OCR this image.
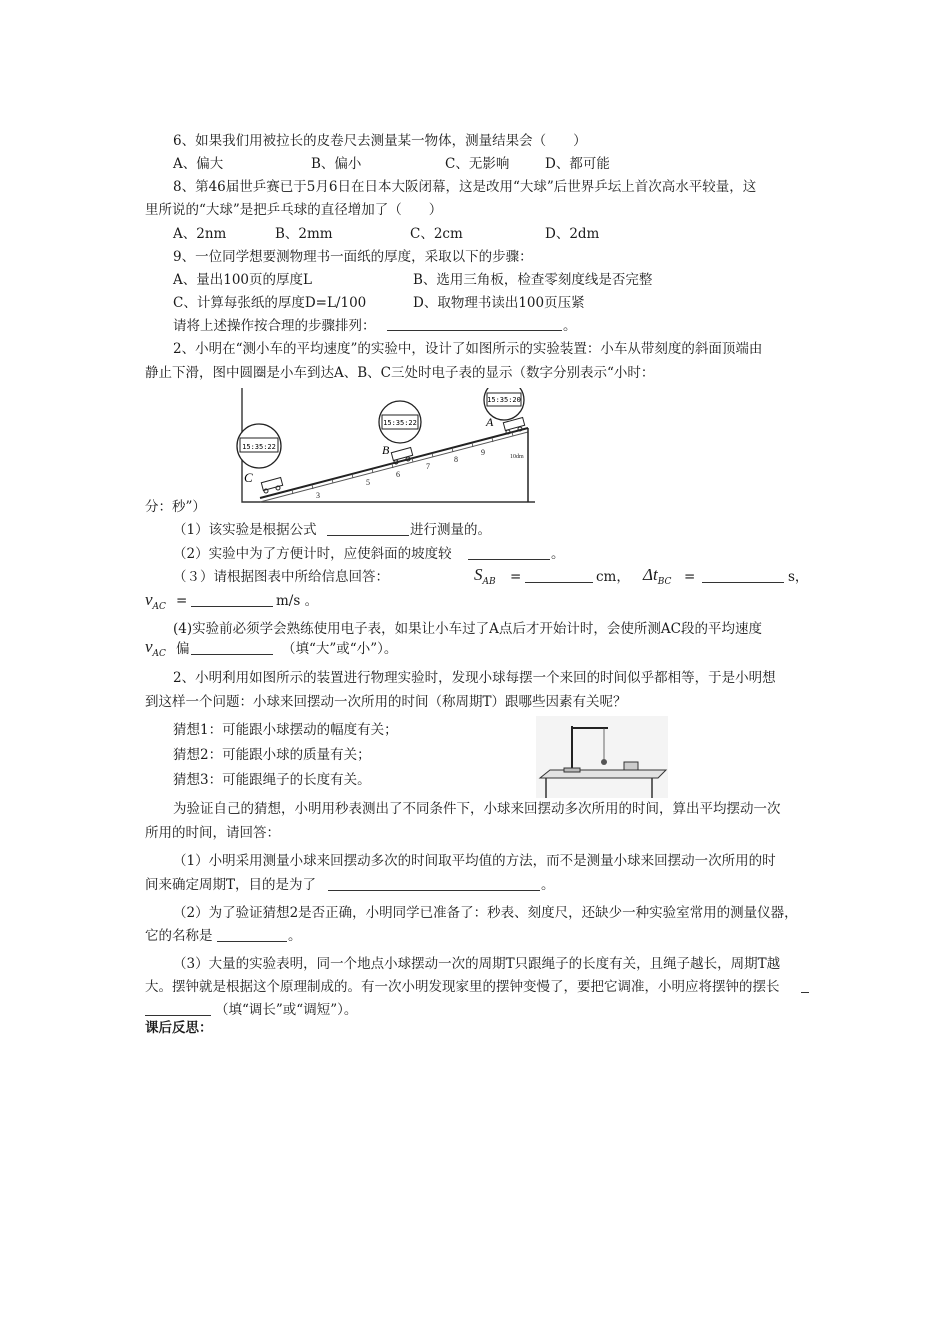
6、如果我们用被拉长的皮卷尺去测量某一物体，测量结果会（　　）
A、偏大	B、偏小	C、无影响	D、都可能
8、第46届世乒赛已于5月6日在日本大阪闭幕，这是改用“大球”后世界乒坛上首次高水平较量，这
里所说的“大球”是把乒乓球的直径增加了（　　）
A、2nm	B、2mm	C、2cm	D、2dm
9、一位同学想要测物理书一面纸的厚度，采取以下的步骤：
A、量出100页的厚度L	B、选用三角板，检查零刻度线是否完整
C、计算每张纸的厚度D=L/100	D、取物理书读出100页压紧
请将上述操作按合理的步骤排列：	。
2、小明在“测小车的平均速度”的实验中，设计了如图所示的实验装置：小车从带刻度的斜面顶端由
静止下滑，图中圆圈是小车到达A、B、C三处时电子表的显示（数字分别表示“小时：
3
5
6
7
8
9	10dm
C
B
A
15:35:22
15:35:22
15:35:20
分：秒”）
（1）该实验是根据公式	进行测量的。
（2）实验中为了方便计时，应使斜面的坡度较	。
（３）请根据图表中所给信息回答：	$S_{AB}$ =	cm， $\Delta t_{BC}$ =	s，
$v_{AC}$ =	m/s 。
(4)实验前必须学会熟练使用电子表，如果让小车过了A点后才开始计时，会使所测AC段的平均速度
$v_{AC}$ 偏	（填“大”或“小”）。
2、小明利用如图所示的装置进行物理实验时，发现小球每摆一个来回的时间似乎都相等，于是小明想
到这样一个问题：小球来回摆动一次所用的时间（称周期T）跟哪些因素有关呢？
猜想1：可能跟小球摆动的幅度有关；
猜想2：可能跟小球的质量有关；
猜想3：可能跟绳子的长度有关。
为验证自己的猜想，小明用秒表测出了不同条件下，小球来回摆动多次所用的时间，算出平均摆动一次
所用的时间，请回答：
（1）小明采用测量小球来回摆动多次的时间取平均值的方法，而不是测量小球来回摆动一次所用的时
间来确定周期T，目的是为了	。
（2）为了验证猜想2是否正确，小明同学已准备了：秒表、刻度尺，还缺少一种实验室常用的测量仪器，
它的名称是	。
（3）大量的实验表明，同一个地点小球摆动一次的周期T只跟绳子的长度有关，且绳子越长，周期T越
大。摆钟就是根据这个原理制成的。有一次小明发现家里的摆钟变慢了，要把它调准，小明应将摆钟的摆长
（填“调长”或“调短”）。
课后反思：
